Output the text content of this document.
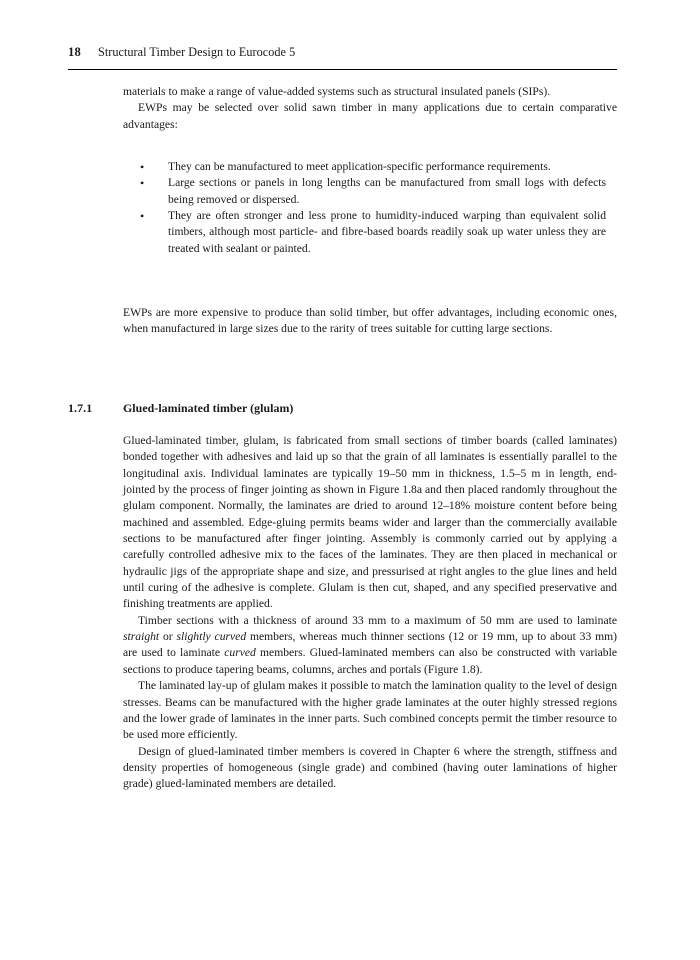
18 Structural Timber Design to Eurocode 5

materials to make a range of value-added systems such as structural insulated panels (SIPs).

EWPs may be selected over solid sawn timber in many applications due to certain comparative advantages:

• They can be manufactured to meet application-specific performance requirements.
• Large sections or panels in long lengths can be manufactured from small logs with defects being removed or dispersed.
• They are often stronger and less prone to humidity-induced warping than equivalent solid timbers, although most particle- and fibre-based boards readily soak up water unless they are treated with sealant or painted.

EWPs are more expensive to produce than solid timber, but offer advantages, including economic ones, when manufactured in large sizes due to the rarity of trees suitable for cutting large sections.

1.7.1	Glued-laminated timber (glulam)

Glued-laminated timber, glulam, is fabricated from small sections of timber boards (called laminates) bonded together with adhesives and laid up so that the grain of all laminates is essentially parallel to the longitudinal axis. Individual laminates are typically 19–50 mm in thickness, 1.5–5 m in length, end-jointed by the process of finger jointing as shown in Figure 1.8a and then placed randomly throughout the glulam component. Normally, the laminates are dried to around 12–18% moisture content before being machined and assembled. Edge-gluing permits beams wider and larger than the commercially available sections to be manufactured after finger jointing. Assembly is commonly carried out by applying a carefully controlled adhesive mix to the faces of the laminates. They are then placed in mechanical or hydraulic jigs of the appropriate shape and size, and pressurised at right angles to the glue lines and held until curing of the adhesive is complete. Glulam is then cut, shaped, and any specified preservative and finishing treatments are applied.

Timber sections with a thickness of around 33 mm to a maximum of 50 mm are used to laminate straight or slightly curved members, whereas much thinner sections (12 or 19 mm, up to about 33 mm) are used to laminate curved members. Glued-laminated members can also be constructed with variable sections to produce tapering beams, columns, arches and portals (Figure 1.8).

The laminated lay-up of glulam makes it possible to match the lamination quality to the level of design stresses. Beams can be manufactured with the higher grade laminates at the outer highly stressed regions and the lower grade of laminates in the inner parts. Such combined concepts permit the timber resource to be used more efficiently.

Design of glued-laminated timber members is covered in Chapter 6 where the strength, stiffness and density properties of homogeneous (single grade) and combined (having outer laminations of higher grade) glued-laminated members are detailed.
